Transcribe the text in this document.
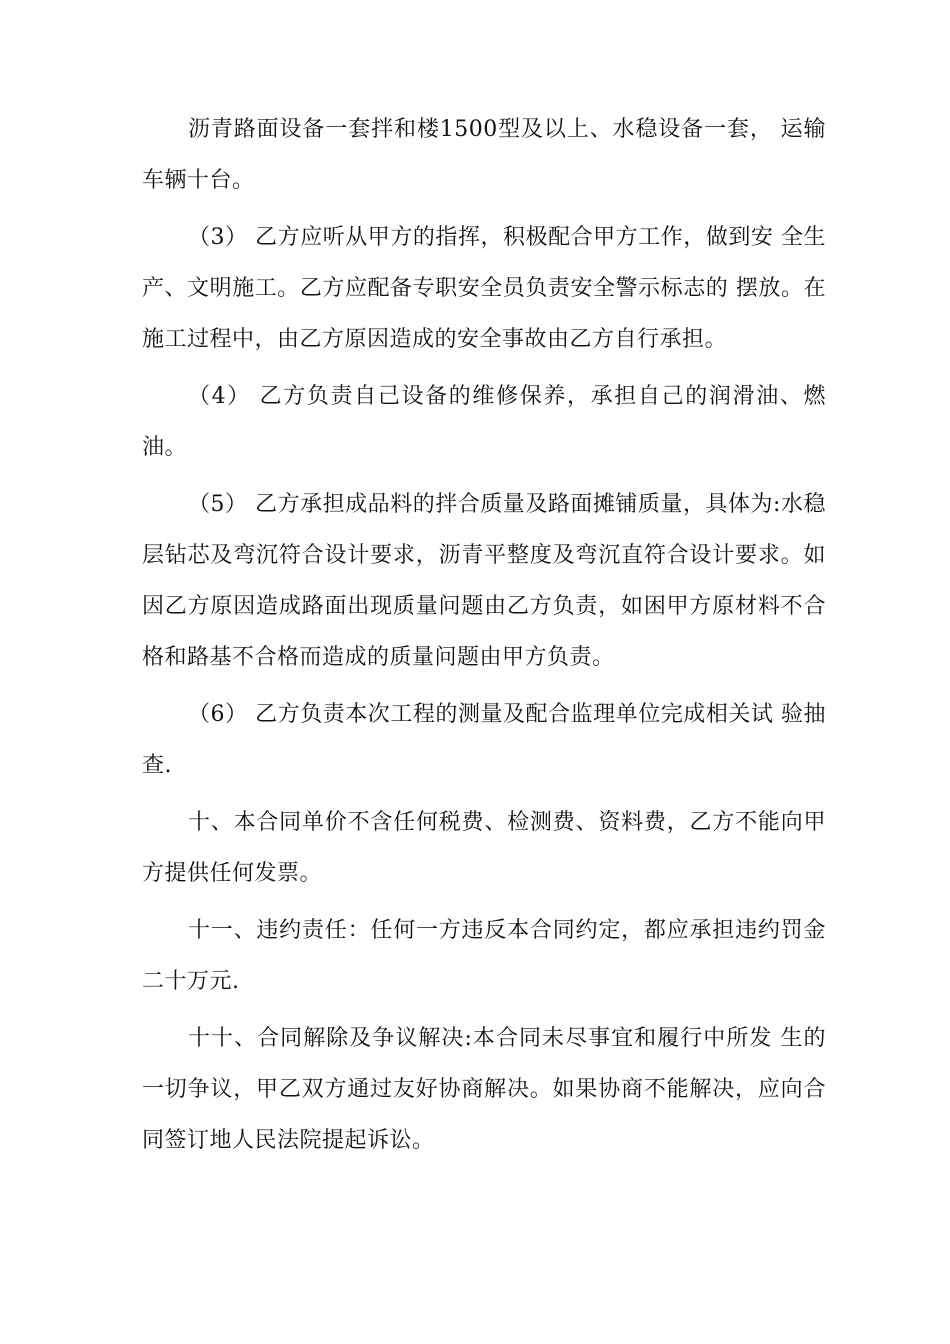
沥青路面设备一套拌和楼1500型及以上、水稳设备一套， 运输车辆十台。

（3） 乙方应听从甲方的指挥，积极配合甲方工作，做到安 全生产、文明施工。乙方应配备专职安全员负责安全警示标志的 摆放。在施工过程中，由乙方原因造成的安全事故由乙方自行承担。

（4） 乙方负责自己设备的维修保养，承担自己的润滑油、燃油。

（5） 乙方承担成品料的拌合质量及路面摊铺质量，具体为:水稳层钻芯及弯沉符合设计要求，沥青平整度及弯沉直符合设计要求。如因乙方原因造成路面出现质量问题由乙方负责，如困甲方原材料不合格和路基不合格而造成的质量问题由甲方负责。

（6） 乙方负责本次工程的测量及配合监理单位完成相关试 验抽查.

十、本合同单价不含任何税费、检测费、资料费，乙方不能向甲方提供任何发票。

十一、违约责任：任何一方违反本合同约定，都应承担违约罚金二十万元.

十十、合同解除及争议解决:本合同未尽事宜和履行中所发 生的一切争议，甲乙双方通过友好协商解决。如果协商不能解决，应向合同签订地人民法院提起诉讼。
